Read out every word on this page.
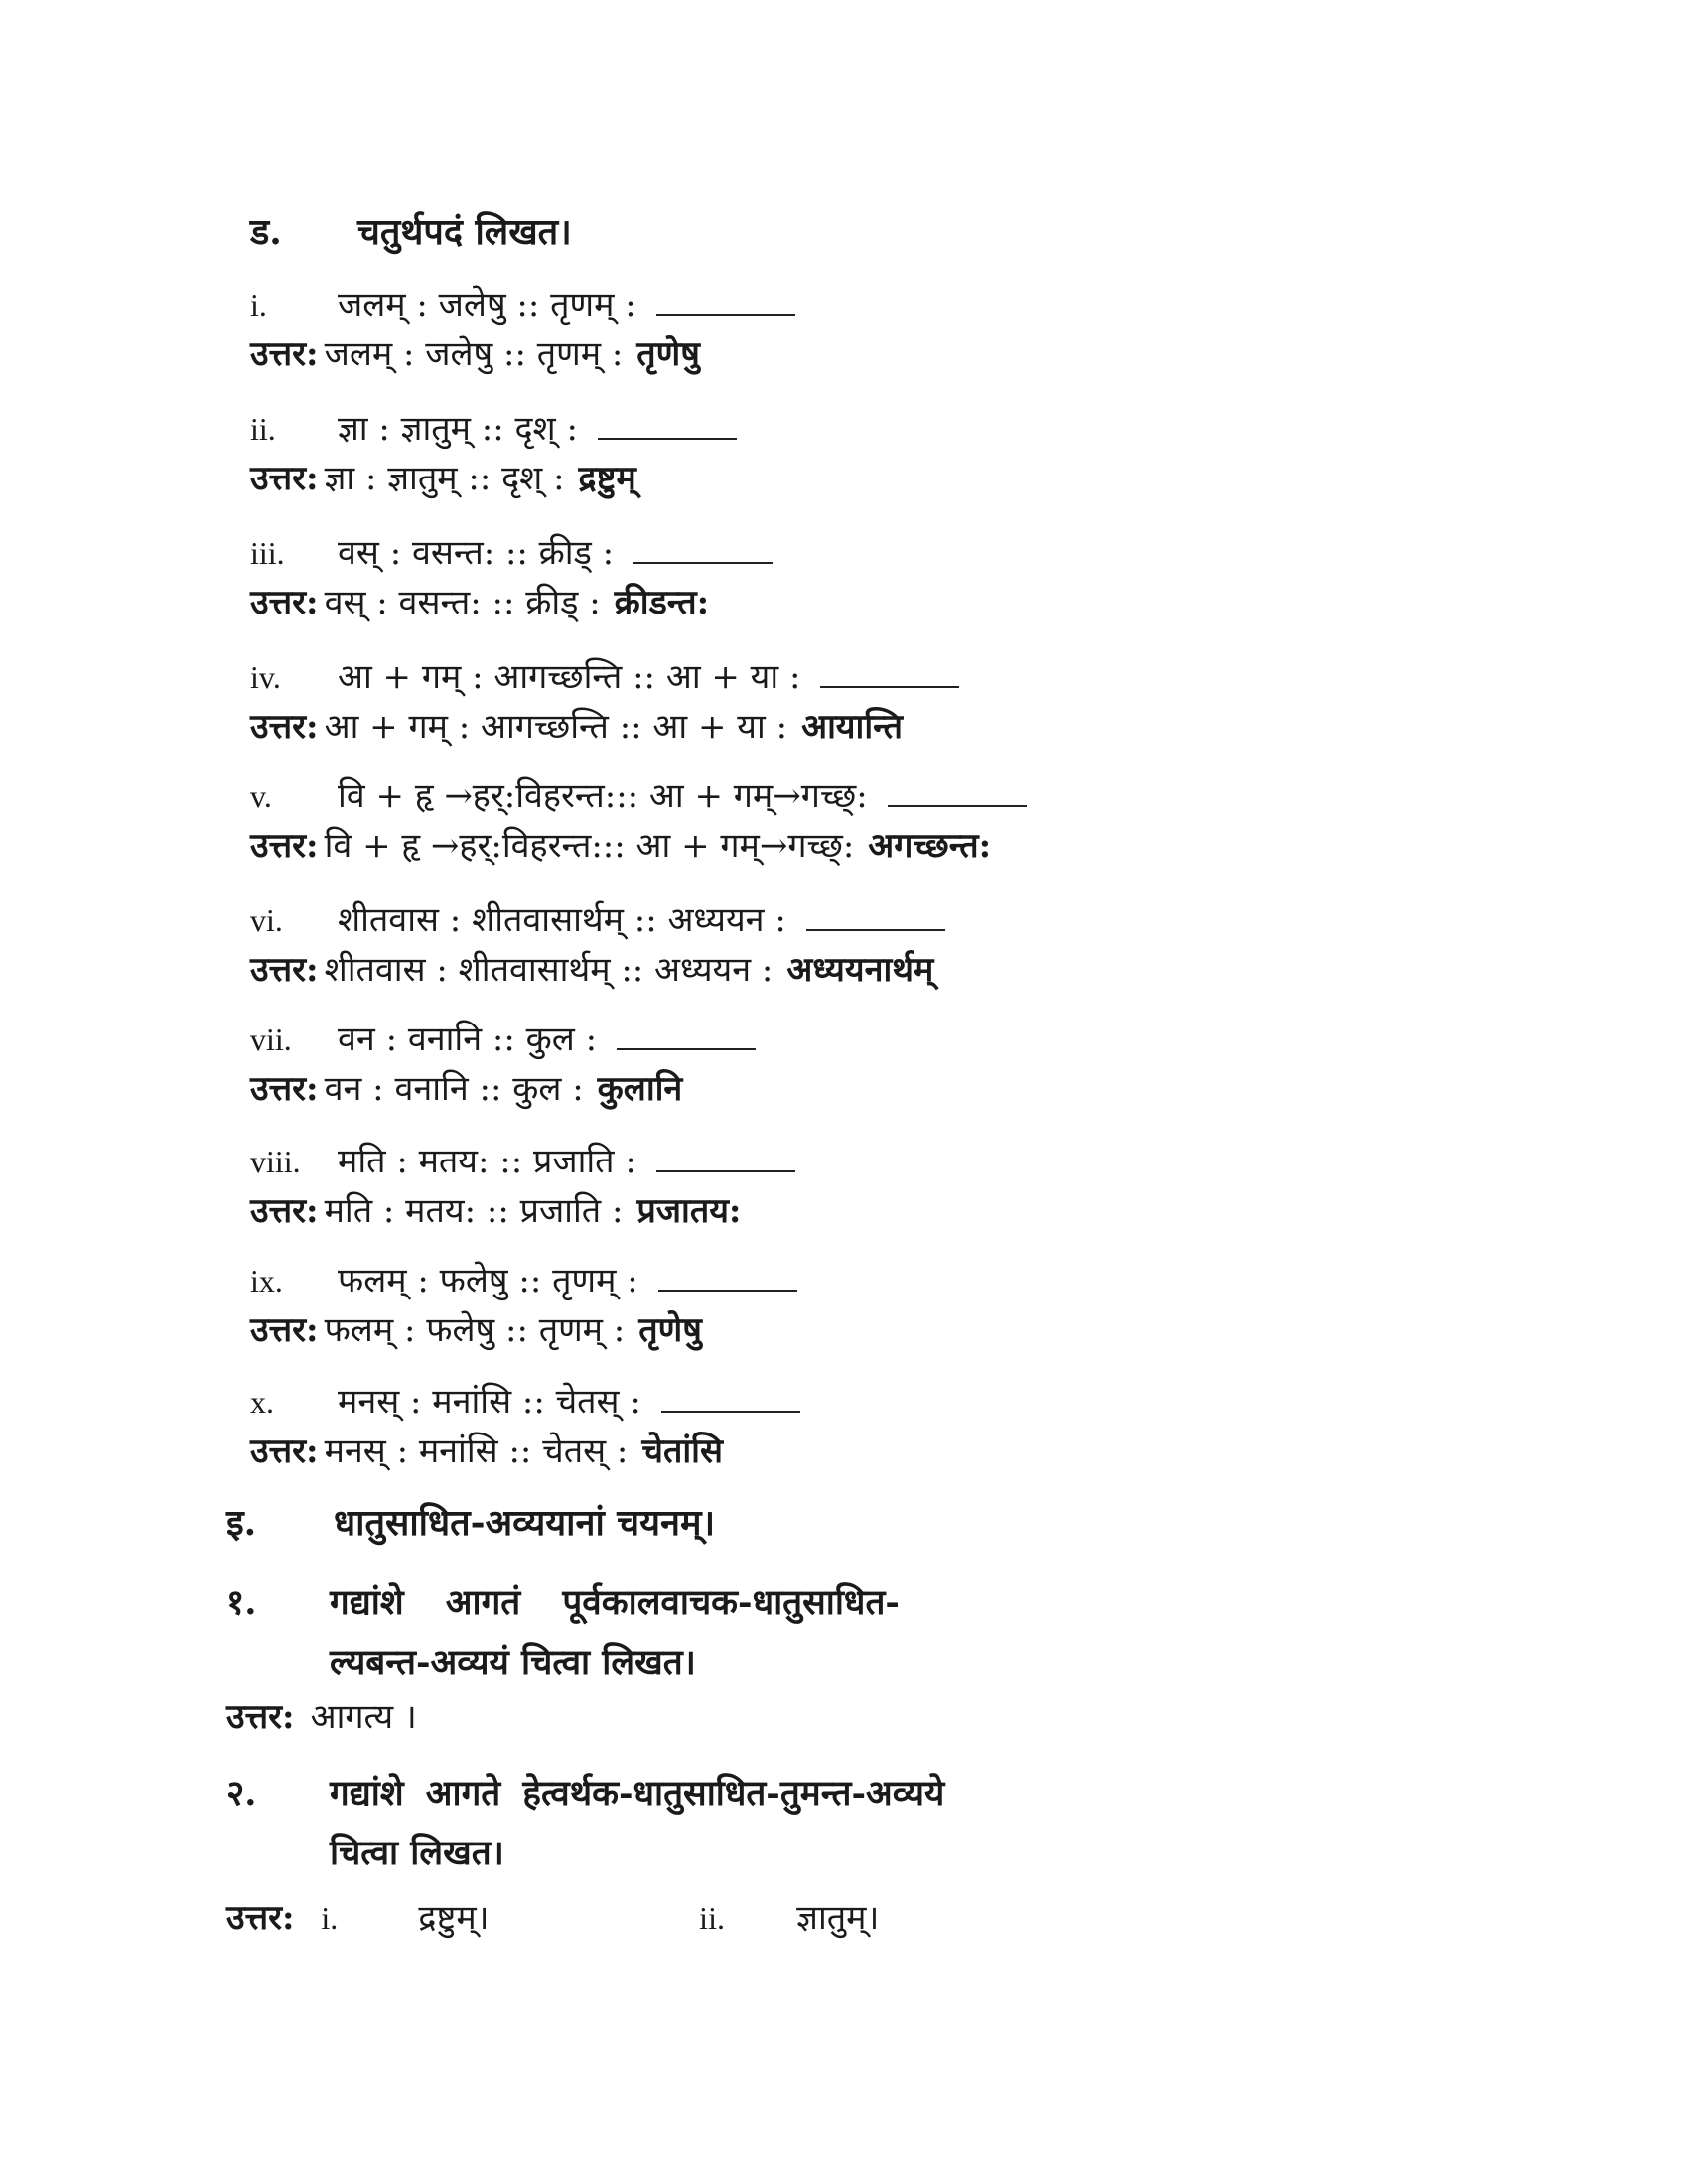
ड. चतुर्थपदं लिखत।
i. जलम् : जलेषु :: तृणम् :
उत्तर: जलम् : जलेषु :: तृणम् : तृणेषु
ii. ज्ञा : ज्ञातुम् :: दृश् :
उत्तर: ज्ञा : ज्ञातुम् :: दृश् : द्रष्टुम्
iii. वस् : वसन्त: :: क्रीड् :
उत्तर: वस् : वसन्त: :: क्रीड् : क्रीडन्त:
iv. आ + गम् : आगच्छन्ति :: आ + या :
उत्तर: आ + गम् : आगच्छन्ति :: आ + या : आयान्ति
v. वि + हृ →हर्:विहरन्त::: आ + गम्→गच्छ्:
उत्तर: वि + हृ →हर्:विहरन्त::: आ + गम्→गच्छ्: अगच्छन्त:
vi. शीतवास : शीतवासार्थम् :: अध्ययन :
उत्तर: शीतवास : शीतवासार्थम् :: अध्ययन : अध्ययनार्थम्
vii. वन : वनानि :: कुल :
उत्तर: वन : वनानि :: कुल : कुलानि
viii. मति : मतय: :: प्रजाति :
उत्तर: मति : मतय: :: प्रजाति : प्रजातय:
ix. फलम् : फलेषु :: तृणम् :
उत्तर: फलम् : फलेषु :: तृणम् : तृणेषु
x. मनस् : मनांसि :: चेतस् :
उत्तर: मनस् : मनांसि :: चेतस् : चेतांसि
इ. धातुसाधित-अव्ययानां चयनम्।
१. गद्यांशे आगतं पूर्वकालवाचक-धातुसाधित-
ल्यबन्त-अव्ययं चित्वा लिखत।
उत्तर: आगत्य ।
२. गद्यांशे आगते हेत्वर्थक-धातुसाधित-तुमन्त-अव्यये
चित्वा लिखत।
उत्तर: i. द्रष्टुम्।	ii. ज्ञातुम्।
